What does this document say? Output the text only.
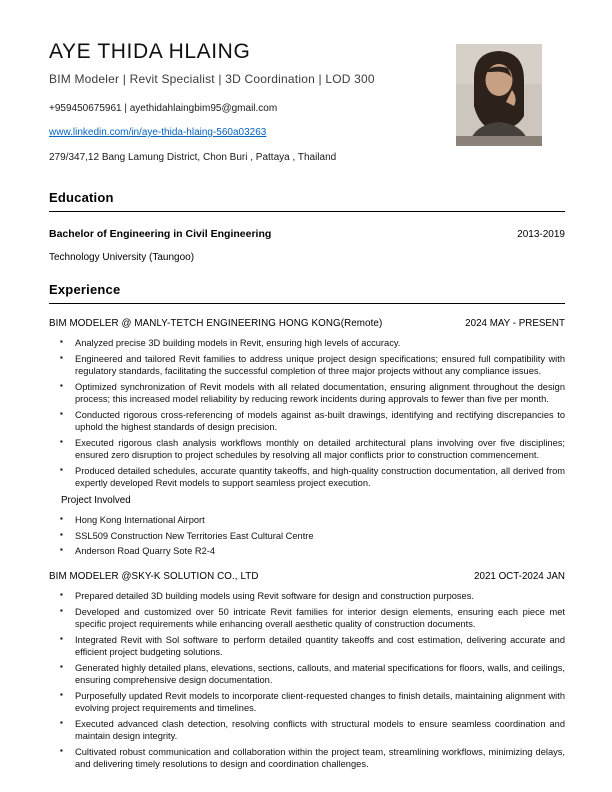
AYE THIDA HLAING
BIM Modeler | Revit Specialist | 3D Coordination | LOD 300
+959450675961 | ayethidahlaingbim95@gmail.com
www.linkedin.com/in/aye-thida-hlaing-560a03263
279/347,12 Bang Lamung District, Chon Buri , Pattaya , Thailand
Education
Bachelor of Engineering in Civil Engineering	2013-2019
Technology University (Taungoo)
Experience
BIM MODELER @ MANLY-TETCH ENGINEERING HONG KONG(Remote)	2024 MAY - PRESENT
▪ Analyzed precise 3D building models in Revit, ensuring high levels of accuracy.
▪ Engineered and tailored Revit families to address unique project design specifications; ensured full compatibility with regulatory standards, facilitating the successful completion of three major projects without any compliance issues.
▪ Optimized synchronization of Revit models with all related documentation, ensuring alignment throughout the design process; this increased model reliability by reducing rework incidents during approvals to fewer than five per month.
▪ Conducted rigorous cross-referencing of models against as-built drawings, identifying and rectifying discrepancies to uphold the highest standards of design precision.
▪ Executed rigorous clash analysis workflows monthly on detailed architectural plans involving over five disciplines; ensured zero disruption to project schedules by resolving all major conflicts prior to construction commencement.
▪ Produced detailed schedules, accurate quantity takeoffs, and high-quality construction documentation, all derived from expertly developed Revit models to support seamless project execution.
Project Involved
▪ Hong Kong International Airport
▪ SSL509 Construction New Territories East Cultural Centre
▪ Anderson Road Quarry Sote R2-4
BIM MODELER @SKY-K SOLUTION CO., LTD	2021 OCT-2024 JAN
▪ Prepared detailed 3D building models using Revit software for design and construction purposes.
▪ Developed and customized over 50 intricate Revit families for interior design elements, ensuring each piece met specific project requirements while enhancing overall aesthetic quality of construction documents.
▪ Integrated Revit with Sol software to perform detailed quantity takeoffs and cost estimation, delivering accurate and efficient project budgeting solutions.
▪ Generated highly detailed plans, elevations, sections, callouts, and material specifications for floors, walls, and ceilings, ensuring comprehensive design documentation.
▪ Purposefully updated Revit models to incorporate client-requested changes to finish details, maintaining alignment with evolving project requirements and timelines.
▪ Executed advanced clash detection, resolving conflicts with structural models to ensure seamless coordination and maintain design integrity.
▪ Cultivated robust communication and collaboration within the project team, streamlining workflows, minimizing delays, and delivering timely resolutions to design and coordination challenges.
